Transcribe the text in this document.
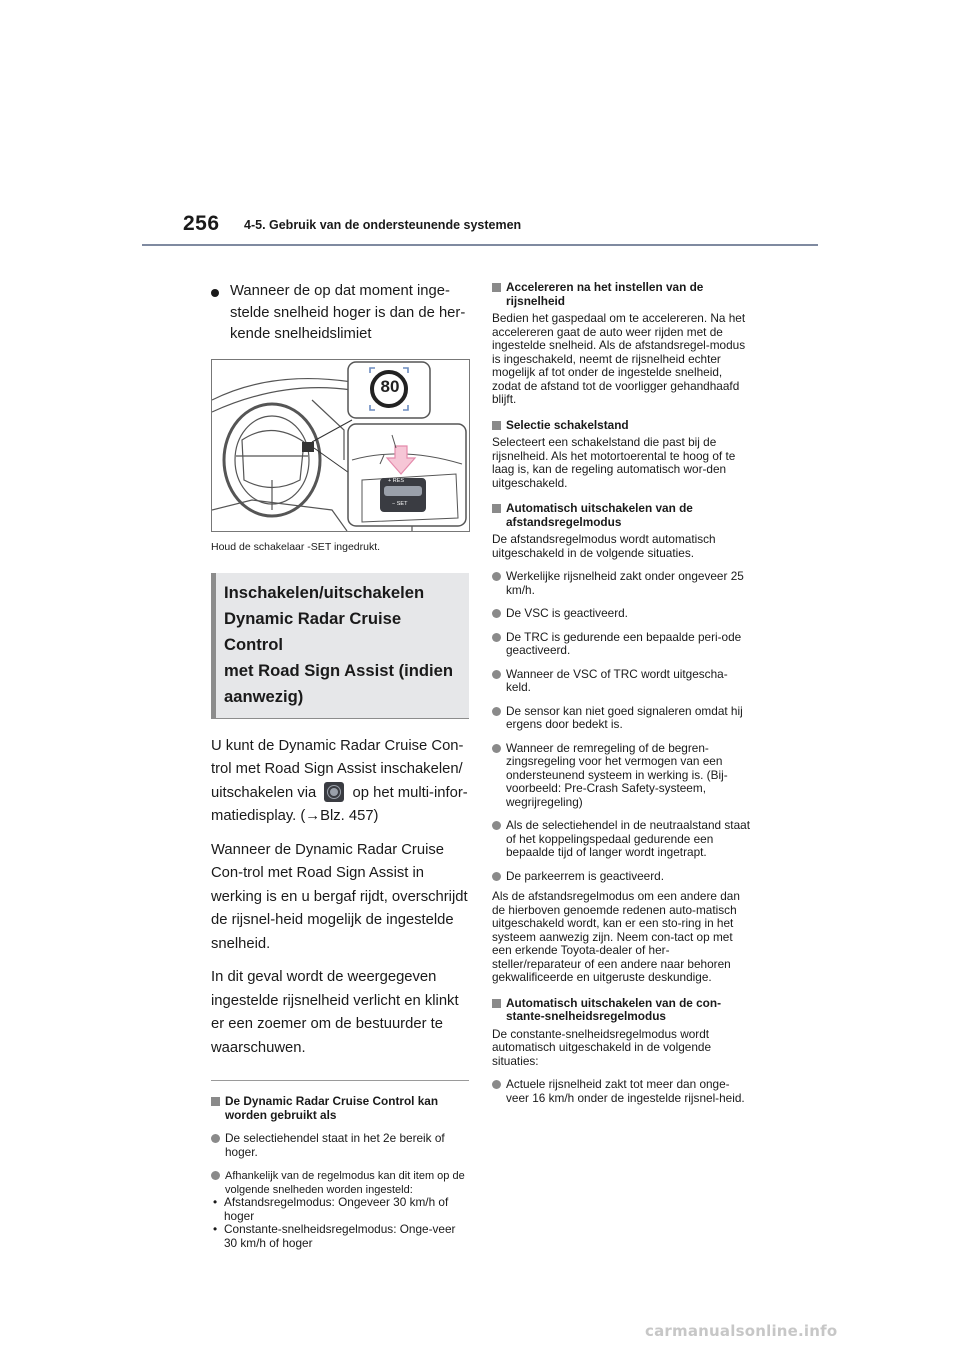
256 4-5. Gebruik van de ondersteunende systemen

Wanneer de op dat moment inge-stelde snelheid hoger is dan de her-kende snelheidslimiet

80
+ RES
− SET
Houd de schakelaar -SET ingedrukt.
Inschakelen/uitschakelen
Dynamic Radar Cruise Control
met Road Sign Assist (indien
aanwezig)

U kunt de Dynamic Radar Cruise Con-trol met Road Sign Assist inschakelen/ uitschakelen via op het multi-infor-matiedisplay. (→Blz. 457)

Wanneer de Dynamic Radar Cruise Con-trol met Road Sign Assist in werking is en u bergaf rijdt, overschrijdt de rijsnel-heid mogelijk de ingestelde snelheid.

In dit geval wordt de weergegeven ingestelde rijsnelheid verlicht en klinkt er een zoemer om de bestuurder te waarschuwen.

De Dynamic Radar Cruise Control kan worden gebruikt als

De selectiehendel staat in het 2e bereik of hoger.

Afhankelijk van de regelmodus kan dit item op de volgende snelheden worden ingesteld:

• Afstandsregelmodus: Ongeveer 30 km/h of hoger
• Constante-snelheidsregelmodus: Onge-veer 30 km/h of hoger

Accelereren na het instellen van de rijsnelheid

Bedien het gaspedaal om te accelereren. Na het accelereren gaat de auto weer rijden met de ingestelde snelheid. Als de afstandsregel-modus is ingeschakeld, neemt de rijsnelheid echter mogelijk af tot onder de ingestelde snelheid, zodat de afstand tot de voorligger gehandhaafd blijft.

Selectie schakelstand

Selecteert een schakelstand die past bij de rijsnelheid. Als het motortoerental te hoog of te laag is, kan de regeling automatisch wor-den uitgeschakeld.

Automatisch uitschakelen van de afstandsregelmodus

De afstandsregelmodus wordt automatisch uitgeschakeld in de volgende situaties.

Werkelijke rijsnelheid zakt onder ongeveer 25 km/h.

De VSC is geactiveerd.

De TRC is gedurende een bepaalde peri-ode geactiveerd.

Wanneer de VSC of TRC wordt uitgescha-keld.

De sensor kan niet goed signaleren omdat hij ergens door bedekt is.

Wanneer de remregeling of de begren-zingsregeling voor het vermogen van een ondersteunend systeem in werking is. (Bij-voorbeeld: Pre-Crash Safety-systeem, wegrijregeling)

Als de selectiehendel in de neutraalstand staat of het koppelingspedaal gedurende een bepaalde tijd of langer wordt ingetrapt.

De parkeerrem is geactiveerd.

Als de afstandsregelmodus om een andere dan de hierboven genoemde redenen auto-matisch uitgeschakeld wordt, kan er een sto-ring in het systeem aanwezig zijn. Neem con-tact op met een erkende Toyota-dealer of her-steller/reparateur of een andere naar behoren gekwalificeerde en uitgeruste deskundige.

Automatisch uitschakelen van de con-stante-snelheidsregelmodus

De constante-snelheidsregelmodus wordt automatisch uitgeschakeld in de volgende situaties:

Actuele rijsnelheid zakt tot meer dan onge-veer 16 km/h onder de ingestelde rijsnel-heid.

carmanualsonline.info
